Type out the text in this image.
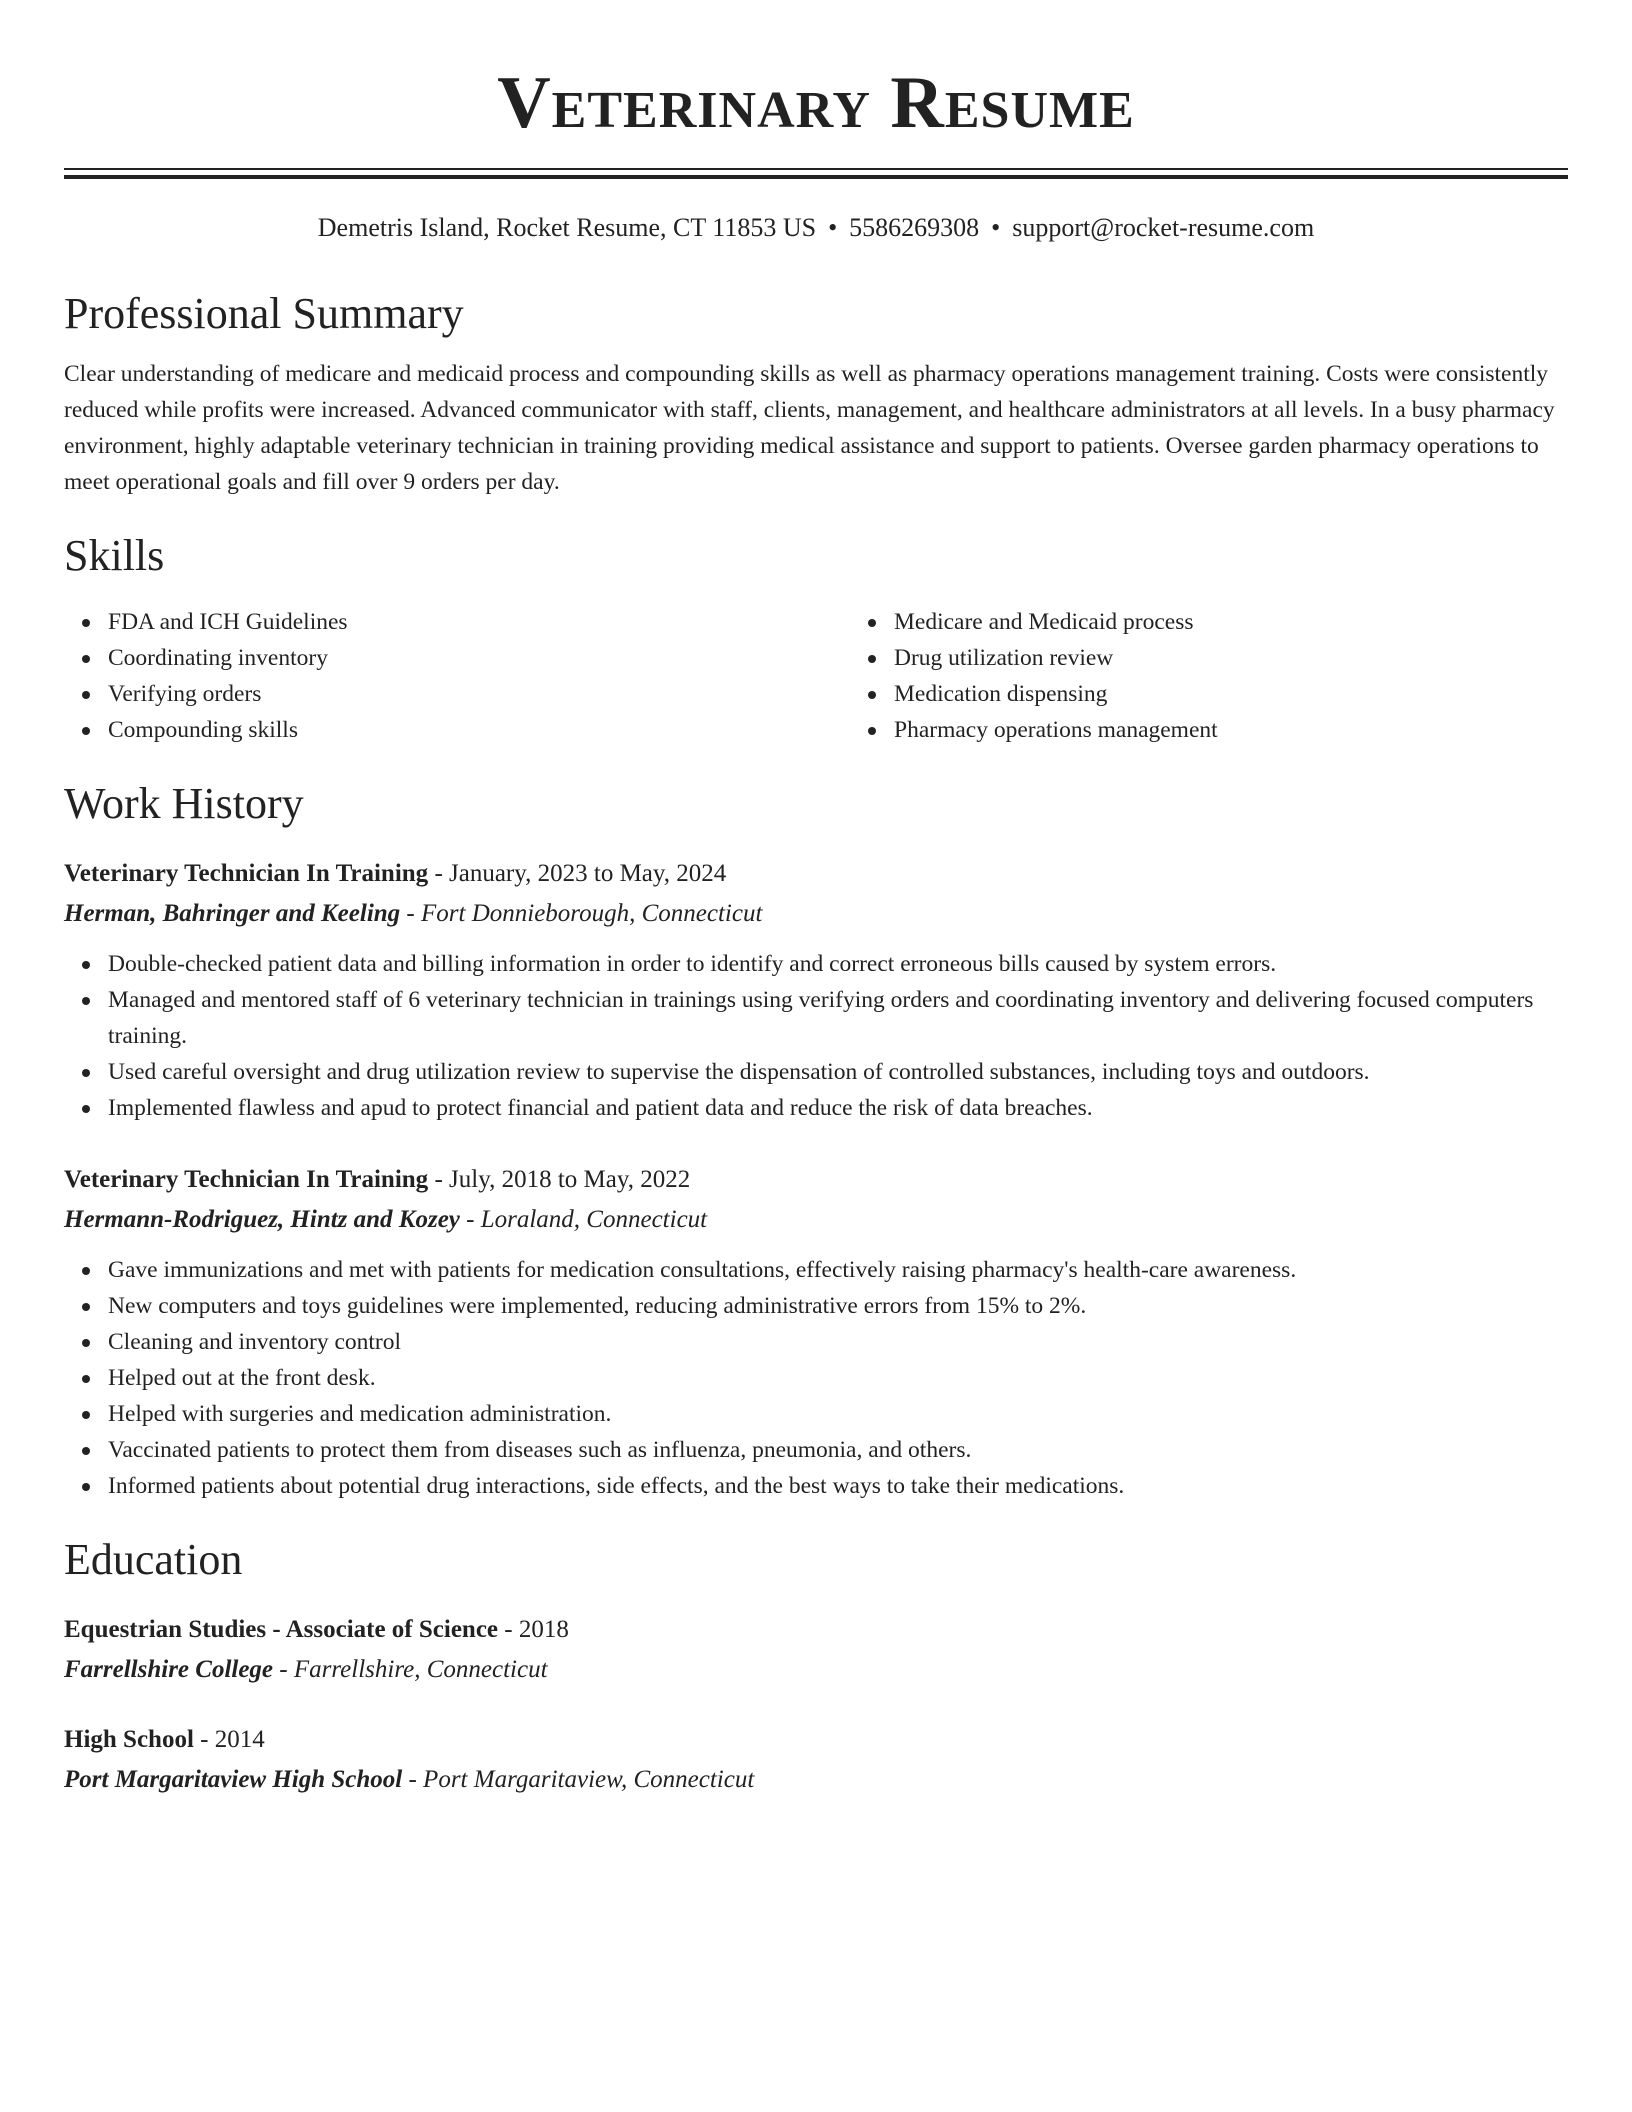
Veterinary Resume
Demetris Island, Rocket Resume, CT 11853 US • 5586269308 • support@rocket-resume.com
Professional Summary

Clear understanding of medicare and medicaid process and compounding skills as well as pharmacy operations management training. Costs were consistently reduced while profits were increased. Advanced communicator with staff, clients, management, and healthcare administrators at all levels. In a busy pharmacy environment, highly adaptable veterinary technician in training providing medical assistance and support to patients. Oversee garden pharmacy operations to meet operational goals and fill over 9 orders per day.

Skills
FDA and ICH Guidelines
Coordinating inventory
Verifying orders
Compounding skills
Medicare and Medicaid process
Drug utilization review
Medication dispensing
Pharmacy operations management
Work History
Veterinary Technician In Training - January, 2023 to May, 2024
Herman, Bahringer and Keeling - Fort Donnieborough, Connecticut
Double-checked patient data and billing information in order to identify and correct erroneous bills caused by system errors.
Managed and mentored staff of 6 veterinary technician in trainings using verifying orders and coordinating inventory and delivering focused computers training.
Used careful oversight and drug utilization review to supervise the dispensation of controlled substances, including toys and outdoors.
Implemented flawless and apud to protect financial and patient data and reduce the risk of data breaches.
Veterinary Technician In Training - July, 2018 to May, 2022
Hermann-Rodriguez, Hintz and Kozey - Loraland, Connecticut
Gave immunizations and met with patients for medication consultations, effectively raising pharmacy's health-care awareness.
New computers and toys guidelines were implemented, reducing administrative errors from 15% to 2%.
Cleaning and inventory control
Helped out at the front desk.
Helped with surgeries and medication administration.
Vaccinated patients to protect them from diseases such as influenza, pneumonia, and others.
Informed patients about potential drug interactions, side effects, and the best ways to take their medications.
Education
Equestrian Studies - Associate of Science - 2018
Farrellshire College - Farrellshire, Connecticut
High School - 2014
Port Margaritaview High School - Port Margaritaview, Connecticut
